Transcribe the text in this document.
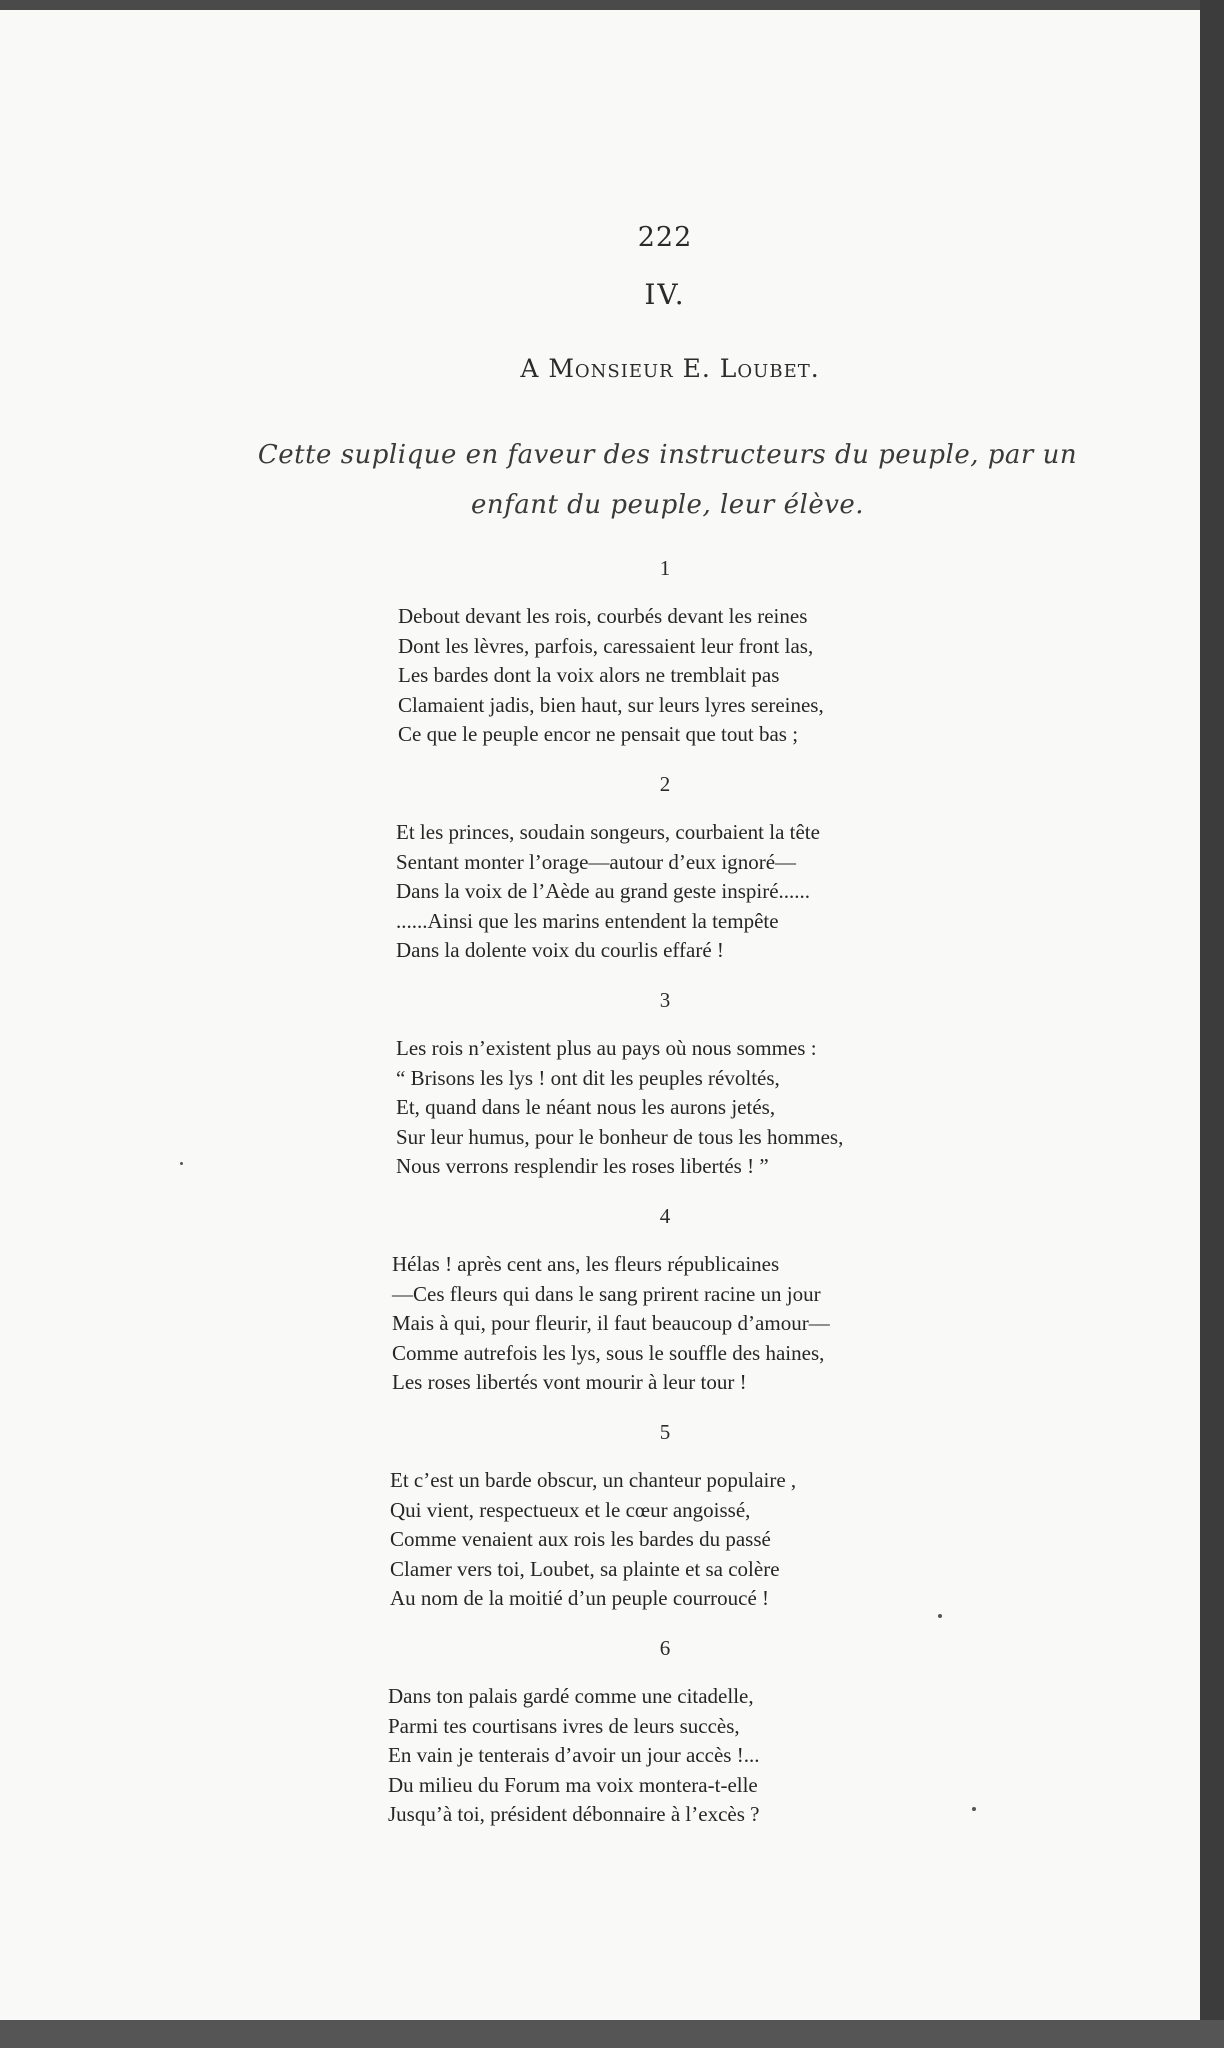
222
IV.
A Monsieur E. Loubet.
Cette suplique en faveur des instructeurs du peuple, par un enfant du peuple, leur élève.
1
Debout devant les rois, courbés devant les reines
Dont les lèvres, parfois, caressaient leur front las,
Les bardes dont la voix alors ne tremblait pas
Clamaient jadis, bien haut, sur leurs lyres sereines,
Ce que le peuple encor ne pensait que tout bas ;
2
Et les princes, soudain songeurs, courbaient la tête
Sentant monter l’orage—autour d’eux ignoré—
Dans la voix de l’Aède au grand geste inspiré......
......Ainsi que les marins entendent la tempête
Dans la dolente voix du courlis effaré !
3
Les rois n’existent plus au pays où nous sommes :
“ Brisons les lys ! ont dit les peuples révoltés,
Et, quand dans le néant nous les aurons jetés,
Sur leur humus, pour le bonheur de tous les hommes,
Nous verrons resplendir les roses libertés ! ”
4
Hélas ! après cent ans, les fleurs républicaines
—Ces fleurs qui dans le sang prirent racine un jour
Mais à qui, pour fleurir, il faut beaucoup d’amour—
Comme autrefois les lys, sous le souffle des haines,
Les roses libertés vont mourir à leur tour !
5
Et c’est un barde obscur, un chanteur populaire ,
Qui vient, respectueux et le cœur angoissé,
Comme venaient aux rois les bardes du passé
Clamer vers toi, Loubet, sa plainte et sa colère
Au nom de la moitié d’un peuple courroucé !
6
Dans ton palais gardé comme une citadelle,
Parmi tes courtisans ivres de leurs succès,
En vain je tenterais d’avoir un jour accès !...
Du milieu du Forum ma voix montera-t-elle
Jusqu’à toi, président débonnaire à l’excès ?
